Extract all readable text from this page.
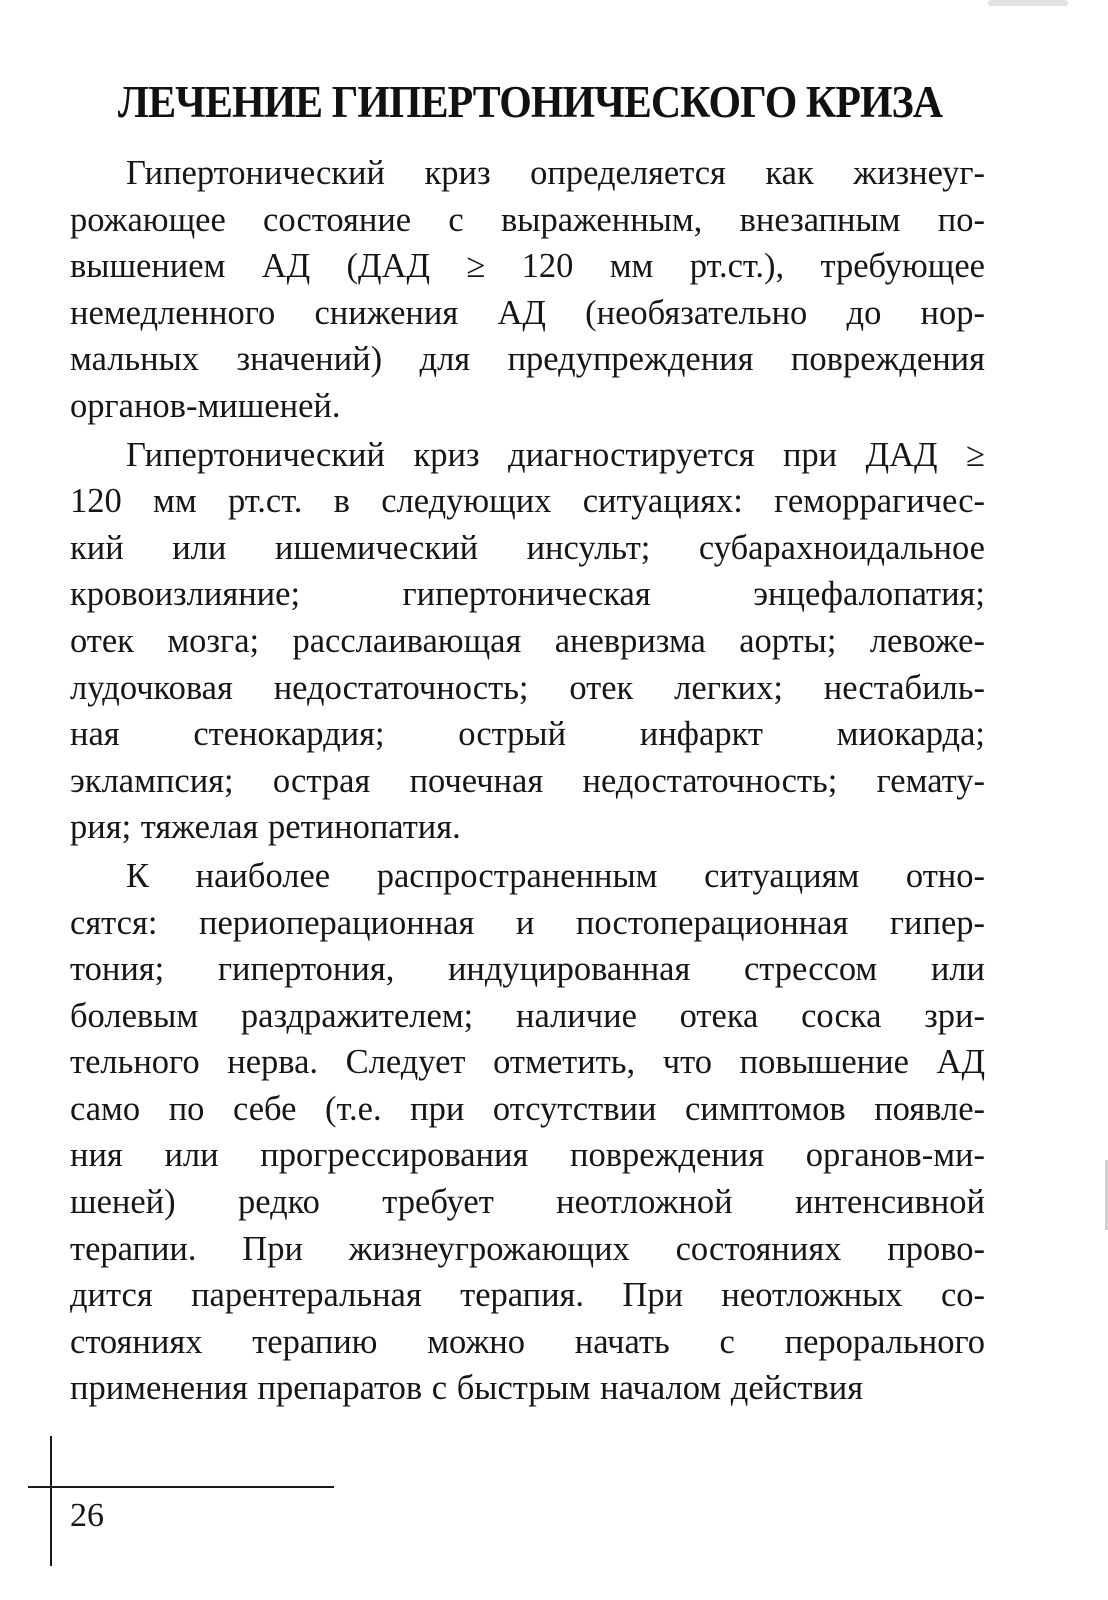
ЛЕЧЕНИЕ ГИПЕРТОНИЧЕСКОГО КРИЗА

Гипертонический криз определяется как жизнеуг-
рожающее состояние с выраженным, внезапным по-
вышением АД (ДАД ≥ 120 мм рт.ст.), требующее
немедленного снижения АД (необязательно до нор-
мальных значений) для предупреждения повреждения
органов-мишеней.

Гипертонический криз диагностируется при ДАД ≥
120 мм рт.ст. в следующих ситуациях: геморрагичес-
кий или ишемический инсульт; субарахноидальное
кровоизлияние; гипертоническая энцефалопатия;
отек мозга; расслаивающая аневризма аорты; левоже-
лудочковая недостаточность; отек легких; нестабиль-
ная стенокардия; острый инфаркт миокарда;
эклампсия; острая почечная недостаточность; гемату-
рия; тяжелая ретинопатия.

К наиболее распространенным ситуациям отно-
сятся: периоперационная и постоперационная гипер-
тония; гипертония, индуцированная стрессом или
болевым раздражителем; наличие отека соска зри-
тельного нерва. Следует отметить, что повышение АД
само по себе (т.е. при отсутствии симптомов появле-
ния или прогрессирования повреждения органов-ми-
шеней) редко требует неотложной интенсивной
терапии. При жизнеугрожающих состояниях прово-
дится парентеральная терапия. При неотложных со-
стояниях терапию можно начать с перорального
применения препаратов с быстрым началом действия

26
